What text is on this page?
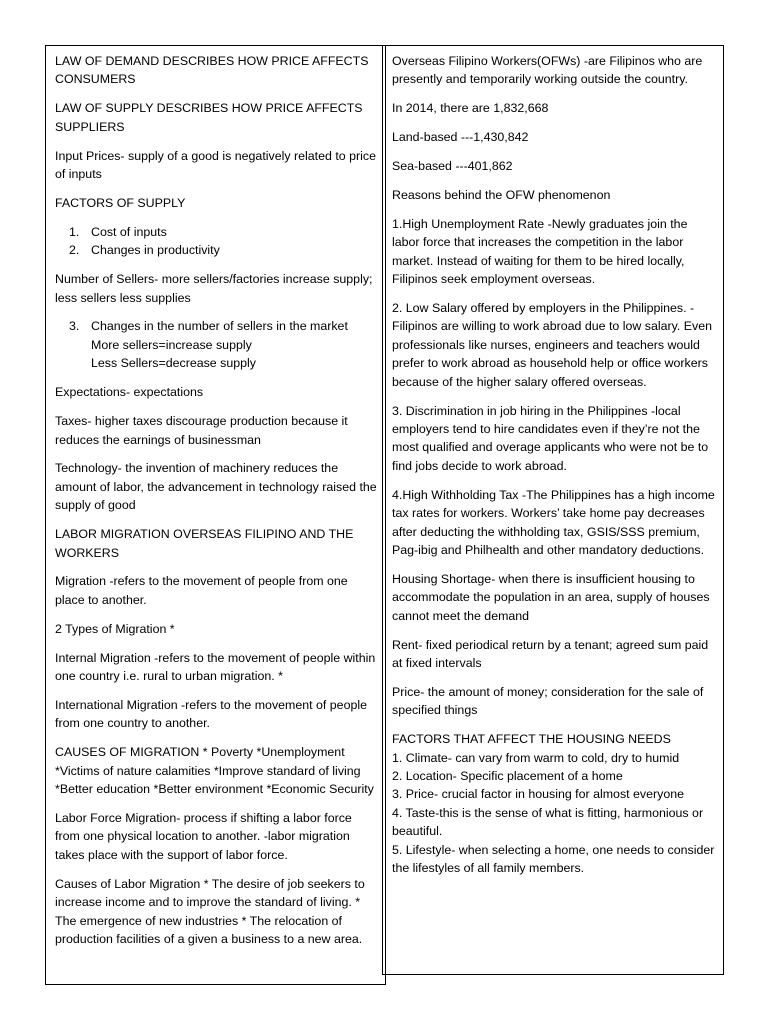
LAW OF DEMAND DESCRIBES HOW PRICE AFFECTS CONSUMERS

LAW OF SUPPLY DESCRIBES HOW PRICE AFFECTS SUPPLIERS

Input Prices- supply of a good is negatively related to price of inputs

FACTORS OF SUPPLY

1. Cost of inputs
2. Changes in productivity

Number of Sellers- more sellers/factories increase supply; less sellers less supplies

3. Changes in the number of sellers in the market
More sellers=increase supply
Less Sellers=decrease supply

Expectations- expectations

Taxes- higher taxes discourage production because it reduces the earnings of businessman

Technology- the invention of machinery reduces the amount of labor, the advancement in technology raised the supply of good

LABOR MIGRATION OVERSEAS FILIPINO AND THE WORKERS

Migration -refers to the movement of people from one place to another.

2 Types of Migration *

Internal Migration -refers to the movement of people within one country i.e. rural to urban migration. *

International Migration -refers to the movement of people from one country to another.

CAUSES OF MIGRATION * Poverty *Unemployment *Victims of nature calamities *Improve standard of living *Better education *Better environment *Economic Security

Labor Force Migration- process if shifting a labor force from one physical location to another. -labor migration takes place with the support of labor force.

Causes of Labor Migration * The desire of job seekers to increase income and to improve the standard of living. * The emergence of new industries * The relocation of production facilities of a given a business to a new area.

Overseas Filipino Workers(OFWs) -are Filipinos who are presently and temporarily working outside the country.

In 2014, there are 1,832,668

Land-based ---1,430,842

Sea-based ---401,862

Reasons behind the OFW phenomenon

1.High Unemployment Rate -Newly graduates join the labor force that increases the competition in the labor market. Instead of waiting for them to be hired locally, Filipinos seek employment overseas.

2. Low Salary offered by employers in the Philippines. -Filipinos are willing to work abroad due to low salary. Even professionals like nurses, engineers and teachers would prefer to work abroad as household help or office workers because of the higher salary offered overseas.

3. Discrimination in job hiring in the Philippines -local employers tend to hire candidates even if they’re not the most qualified and overage applicants who were not be to find jobs decide to work abroad.

4.High Withholding Tax -The Philippines has a high income tax rates for workers. Workers’ take home pay decreases after deducting the withholding tax, GSIS/SSS premium, Pag-ibig and Philhealth and other mandatory deductions.

Housing Shortage- when there is insufficient housing to accommodate the population in an area, supply of houses cannot meet the demand

Rent- fixed periodical return by a tenant; agreed sum paid at fixed intervals

Price- the amount of money; consideration for the sale of specified things

FACTORS THAT AFFECT THE HOUSING NEEDS

1. Climate- can vary from warm to cold, dry to humid

2. Location- Specific placement of a home

3. Price- crucial factor in housing for almost everyone

4. Taste-this is the sense of what is fitting, harmonious or beautiful.

5. Lifestyle- when selecting a home, one needs to consider the lifestyles of all family members.
